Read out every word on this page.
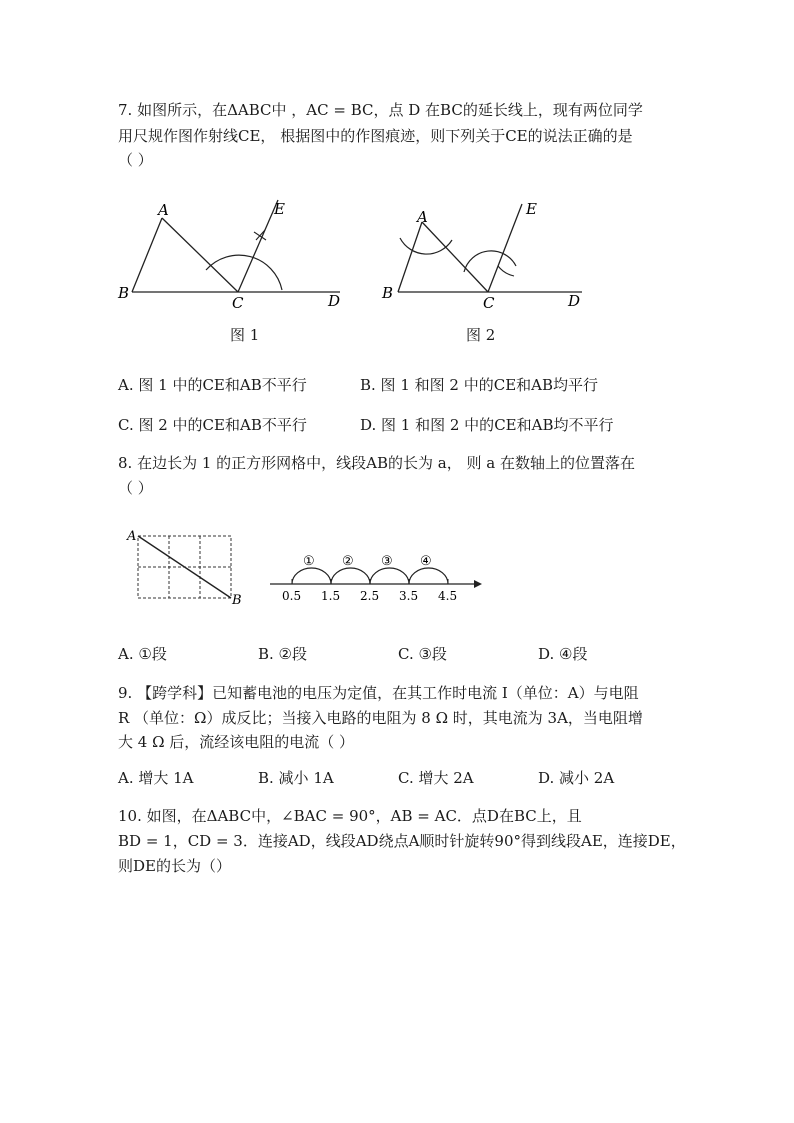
7. 如图所示，在ΔABC中 ，AC = BC，点 D 在BC的延长线上，现有两位同学
用尺规作图作射线CE， 根据图中的作图痕迹，则下列关于CE的说法正确的是
（ ）
A
B
C	D
E	A
B
C	D
E
图 1	图 2
A. 图 1 中的CE和AB不平行	B. 图 1 和图 2 中的CE和AB均平行
C. 图 2 中的CE和AB不平行	D. 图 1 和图 2 中的CE和AB均不平行
8. 在边长为 1 的正方形网格中，线段AB的长为 a， 则 a 在数轴上的位置落在
（ ）
A
B
① ② ③ ④
0.5 1.5 2.5 3.5 4.5
A. ①段	B. ②段	C. ③段	D. ④段
9. 【跨学科】已知蓄电池的电压为定值，在其工作时电流 I（单位：A）与电阻
R （单位：Ω）成反比；当接入电路的电阻为 8 Ω 时，其电流为 3A，当电阻增
大 4 Ω 后，流经该电阻的电流（ ）
A. 增大 1A	B. 减小 1A	C. 增大 2A	D. 减小 2A
10. 如图，在ΔABC中，∠BAC = 90°，AB = AC．点D在BC上，且
BD = 1，CD = 3．连接AD，线段AD绕点A顺时针旋转90°得到线段AE，连接DE，
则DE的长为（）
